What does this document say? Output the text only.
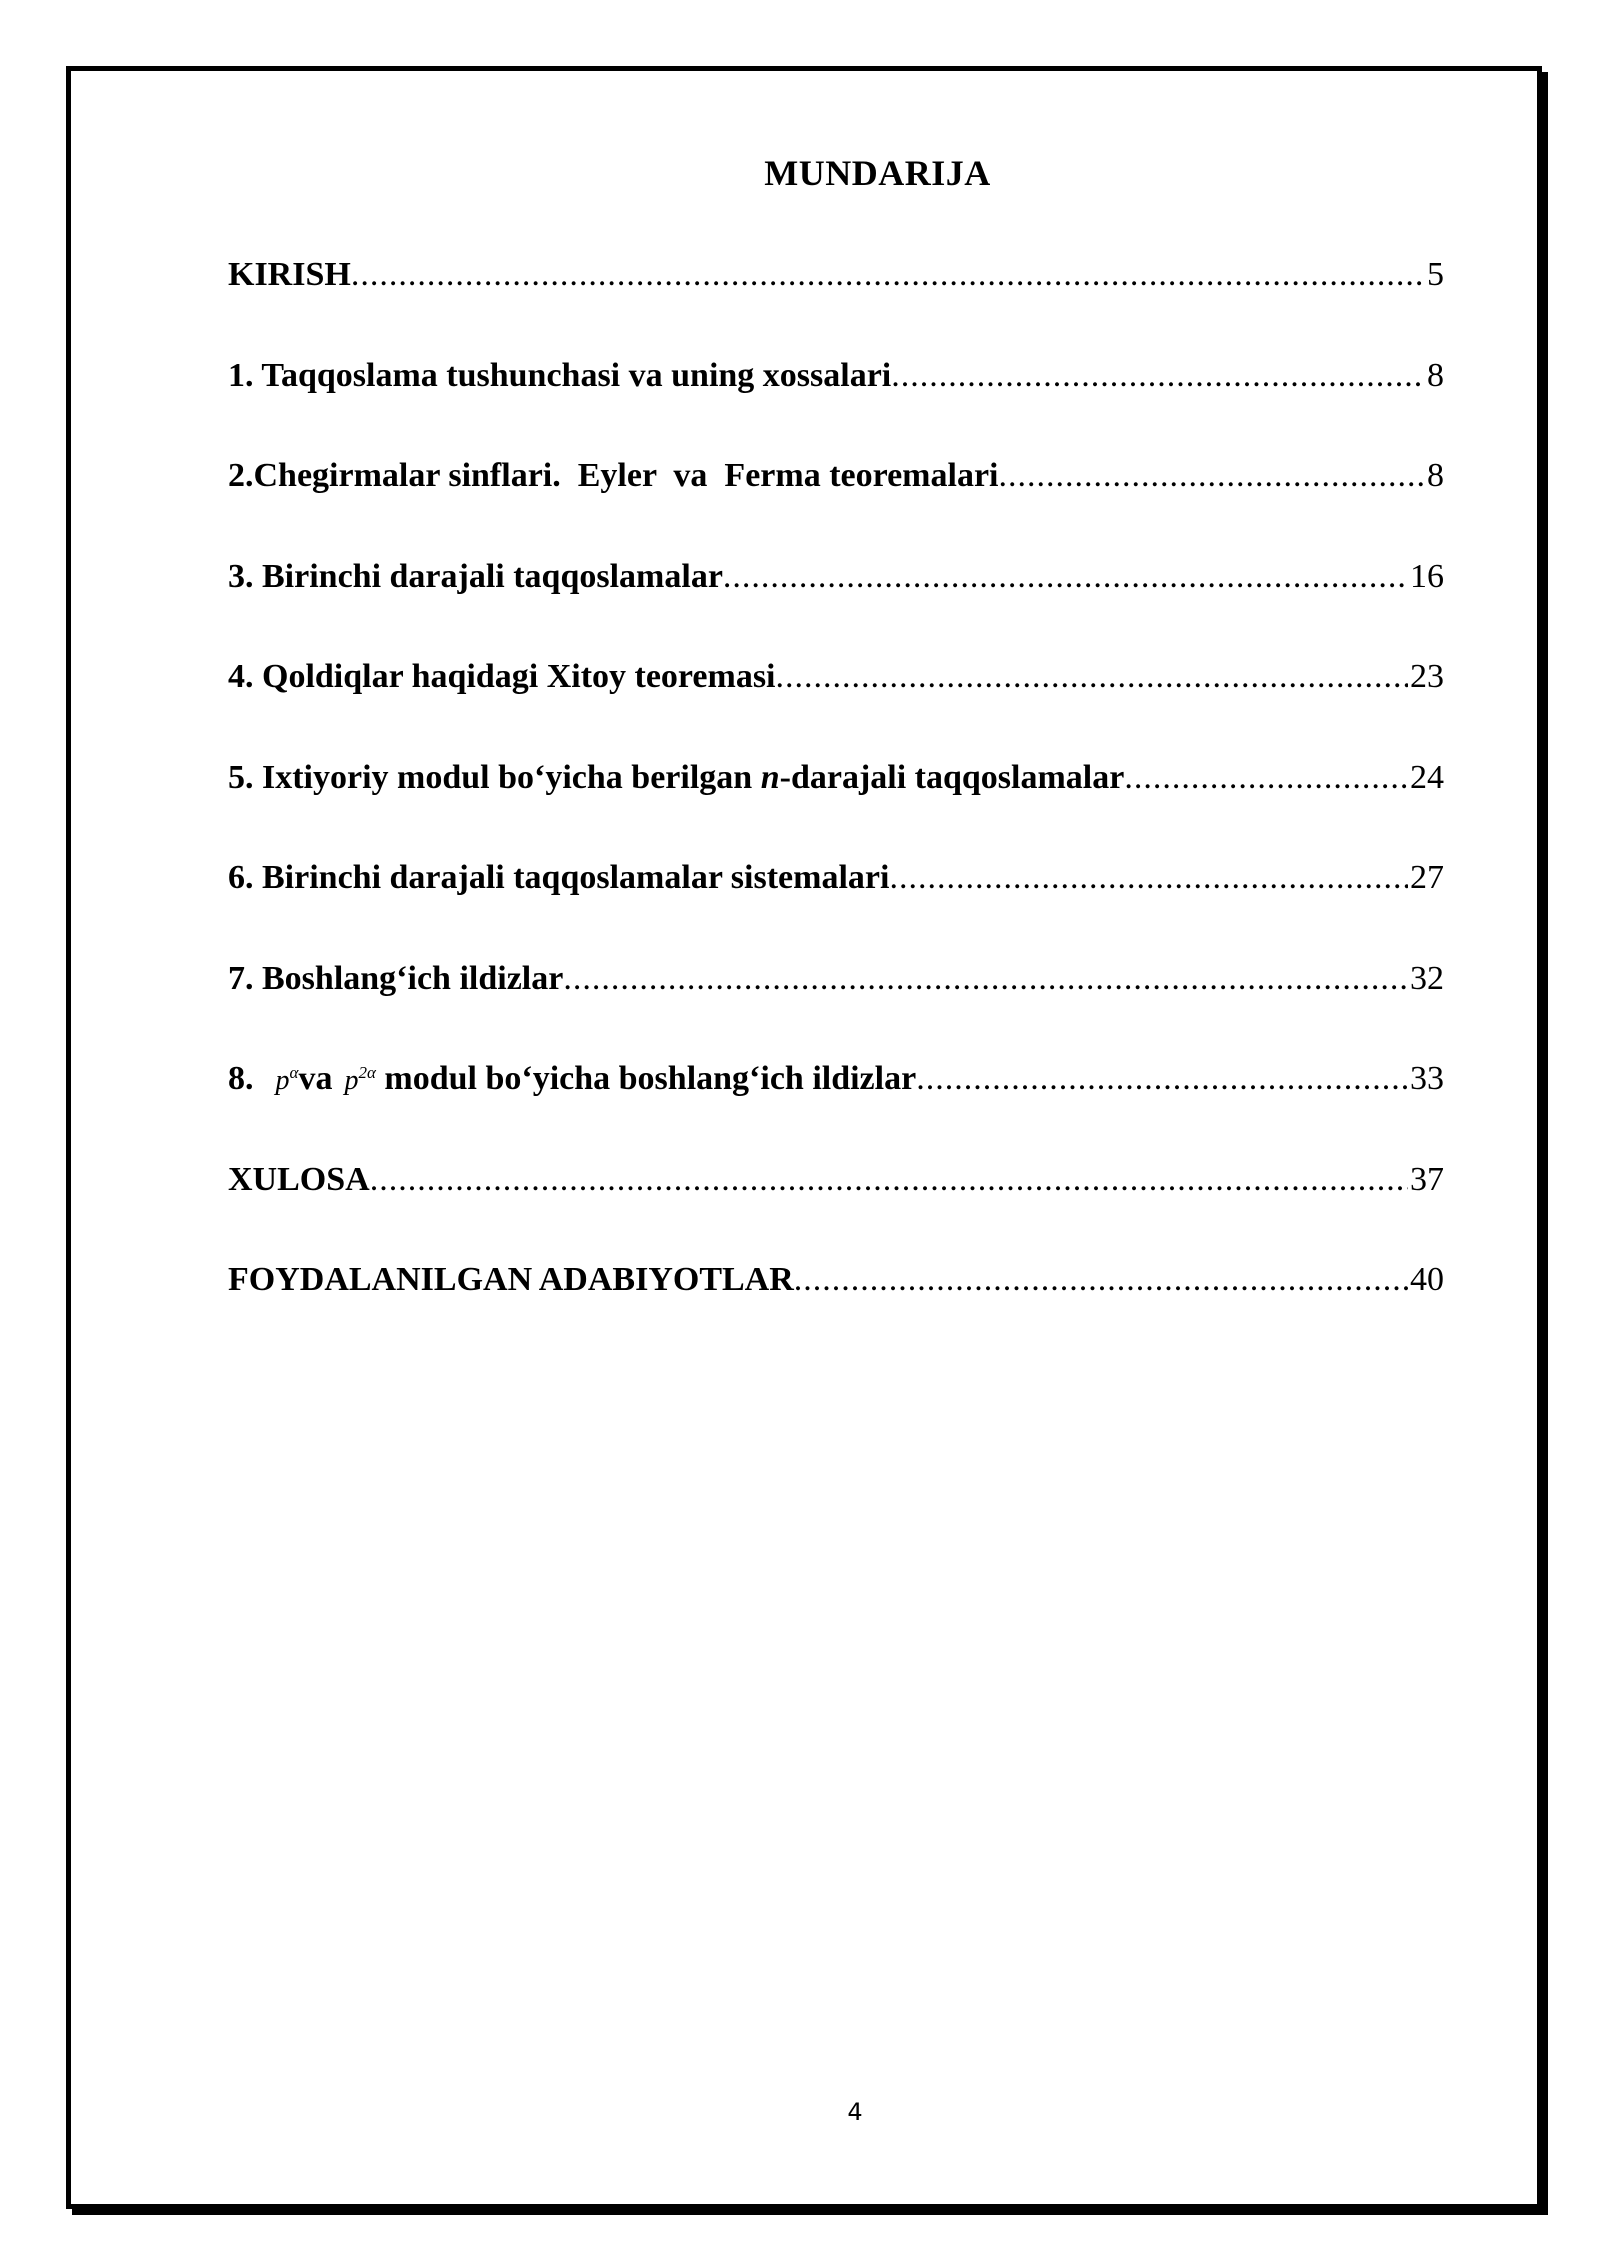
MUNDARIJA
KIRISH .....	5
1. Taqqoslama tushunchasi va uning xossalari .....	8
2.Chegirmalar sinflari.  Eyler  va  Ferma teoremalari .....	8
3. Birinchi darajali taqqoslamalar .....	16
4. Qoldiqlar haqidagi Xitoy teoremasi .....	23
5. Ixtiyoriy modul bo‘yicha berilgan n-darajali taqqoslamalar .....	24
6. Birinchi darajali taqqoslamalar sistemalari .....	27
7. Boshlang‘ich ildizlar .....	32
8. $p^\alpha va$ $p^{2\alpha}$ modul bo‘yicha boshlang‘ich ildizlar .....	33
XULOSA .....	37
FOYDALANILGAN ADABIYOTLAR .....	40
4
